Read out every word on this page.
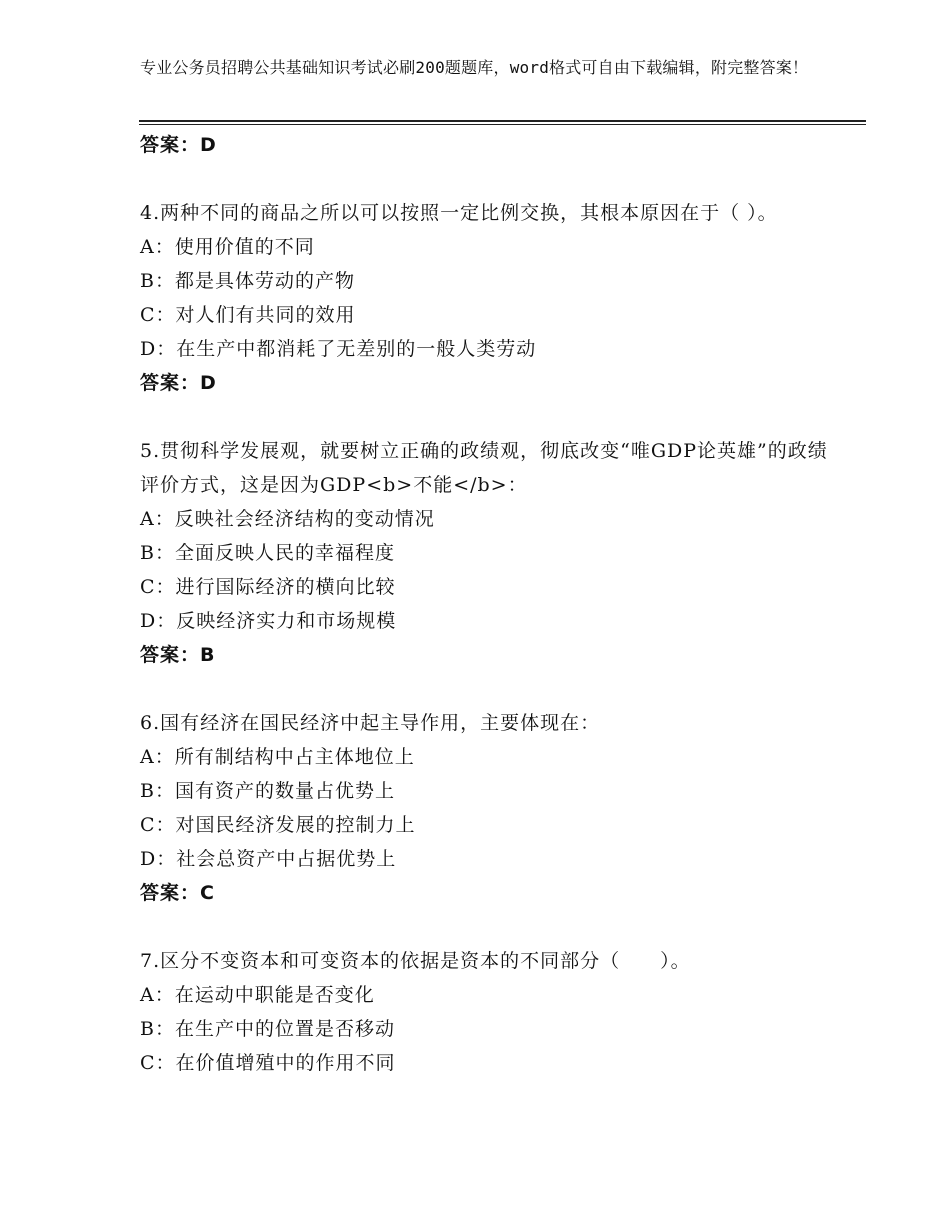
专业公务员招聘公共基础知识考试必刷200题题库，word格式可自由下载编辑，附完整答案！
答案：D
4.两种不同的商品之所以可以按照一定比例交换，其根本原因在于（ ）。
A：使用价值的不同
B：都是具体劳动的产物
C：对人们有共同的效用
D：在生产中都消耗了无差别的一般人类劳动
答案：D
5.贯彻科学发展观，就要树立正确的政绩观，彻底改变“唯GDP论英雄”的政绩评价方式，这是因为GDP<b>不能</b>：
A：反映社会经济结构的变动情况
B：全面反映人民的幸福程度
C：进行国际经济的横向比较
D：反映经济实力和市场规模
答案：B
6.国有经济在国民经济中起主导作用，主要体现在：
A：所有制结构中占主体地位上
B：国有资产的数量占优势上
C：对国民经济发展的控制力上
D：社会总资产中占据优势上
答案：C
7.区分不变资本和可变资本的依据是资本的不同部分（　　）。
A：在运动中职能是否变化
B：在生产中的位置是否移动
C：在价值增殖中的作用不同
